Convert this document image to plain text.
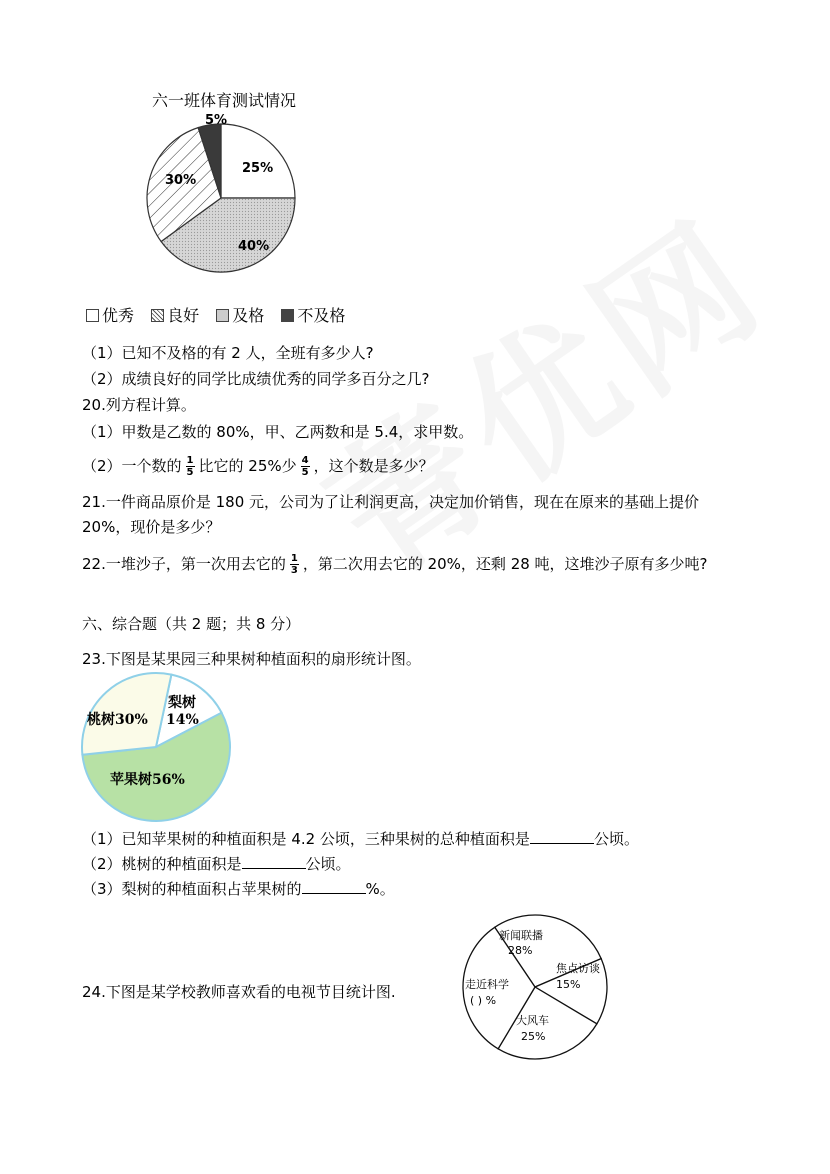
六一班体育测试情况
25%
30%
40%
5%
优秀 良好 及格 不及格
（1）已知不及格的有 2 人，全班有多少人?
（2）成绩良好的同学比成绩优秀的同学多百分之几?
20.列方程计算。
（1）甲数是乙数的 80%，甲、乙两数和是 5.4，求甲数。
（2）一个数的 $\frac{1}{5}$ 比它的 25%少 $\frac{4}{5}$ ，这个数是多少？
21.一件商品原价是 180 元，公司为了让利润更高，决定加价销售，现在在原来的基础上提价
20%，现价是多少？
22.一堆沙子，第一次用去它的 $\frac{1}{3}$ ，第二次用去它的 20%，还剩 28 吨，这堆沙子原有多少吨?
六、综合题（共 2 题；共 8 分）
23.下图是某果园三种果树种植面积的扇形统计图。
桃树30%
梨树
14%
苹果树56%
（1）已知苹果树的种植面积是 4.2 公顷，三种果树的总种植面积是	公顷。
（2）桃树的种植面积是	公顷。
（3）梨树的种植面积占苹果树的	%。
24.下图是某学校教师喜欢看的电视节目统计图.
新闻联播
28%
焦点访谈
15%
走近科学
( ) %
大风车
25%
